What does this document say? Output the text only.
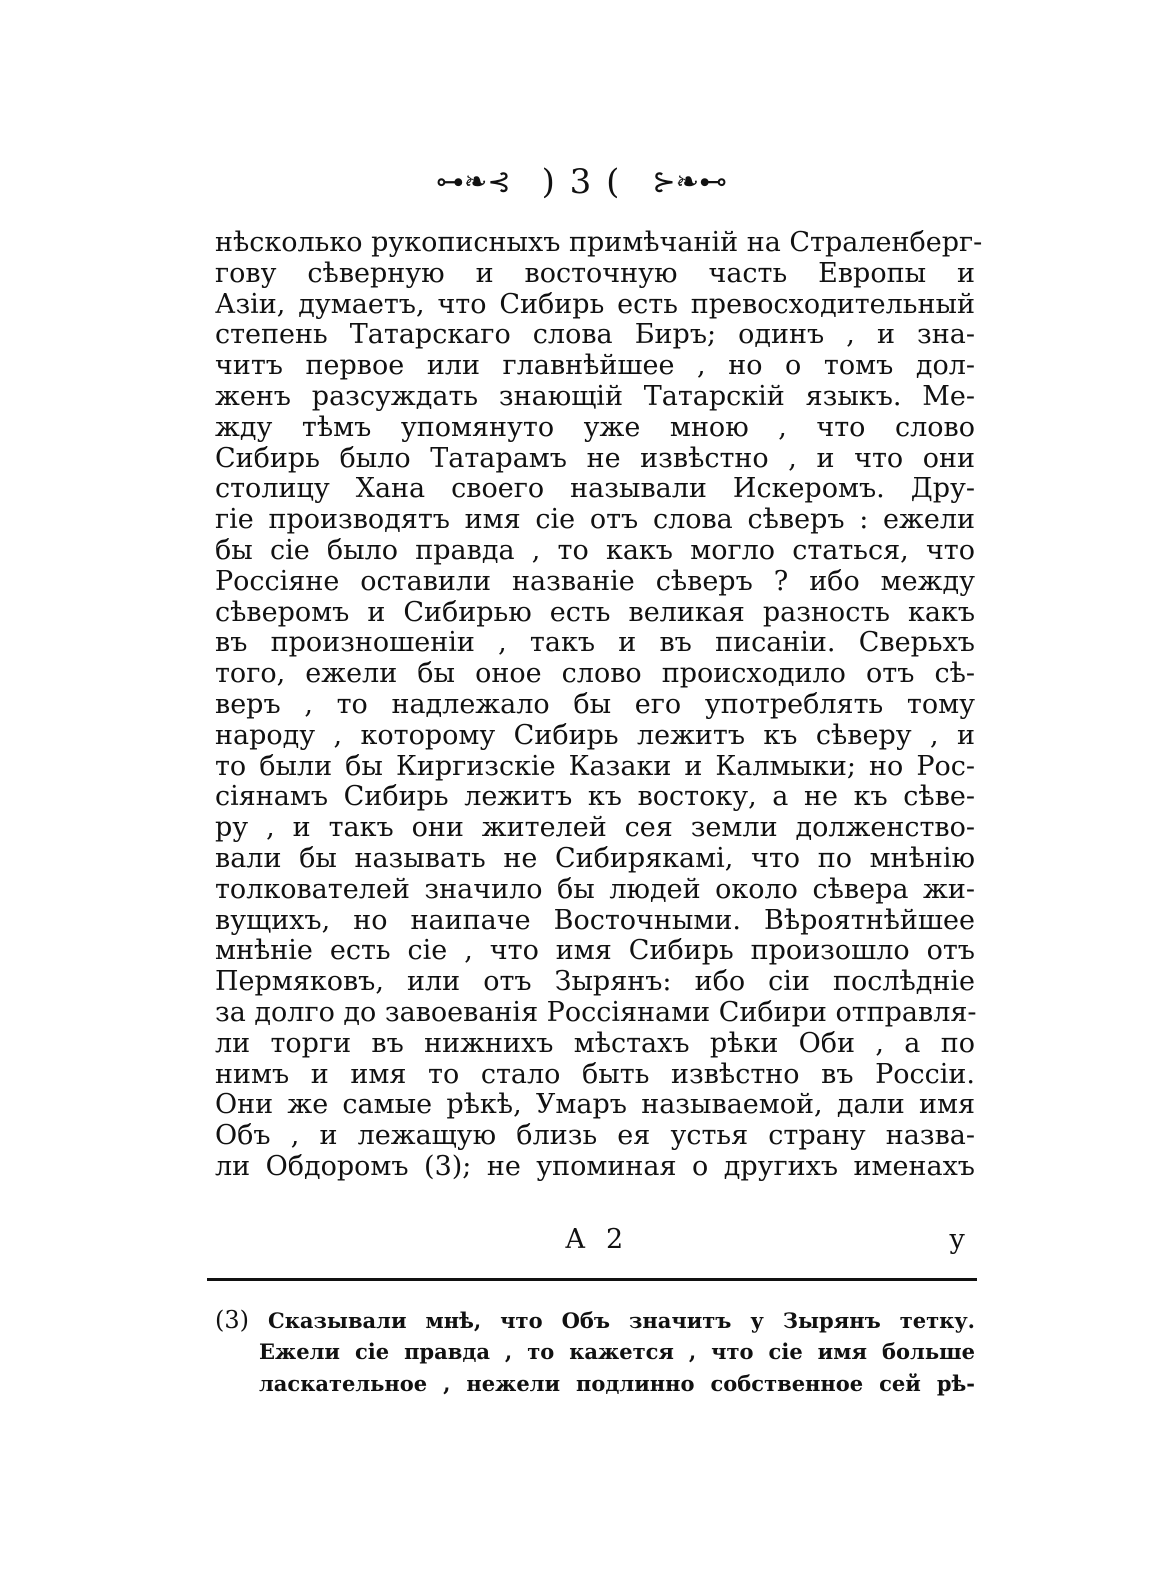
⊶❧⊰ ) 3 ( ⊱❧⊷
нѣсколько рукописныхъ примѣчаній на Страленберг-
гову сѣверную и восточную часть Европы и
Азіи, думаетъ, что Сибирь есть превосходительный
степень Татарскаго слова Биръ; одинъ , и зна-
читъ первое или главнѣйшее , но о томъ дол-
женъ разсуждать знающій Татарскій языкъ. Ме-
жду тѣмъ упомянуто уже мною , что слово
Сибирь было Татарамъ не извѣстно , и что они
столицу Хана своего называли Искеромъ. Дру-
гіе производятъ имя сіе отъ слова сѣверъ : ежели
бы сіе было правда , то какъ могло статься, что
Россіяне оставили названіе сѣверъ ? ибо между
сѣверомъ и Сибирью есть великая разность какъ
въ произношеніи , такъ и въ писаніи. Сверьхъ
того, ежели бы оное слово происходило отъ сѣ-
веръ , то надлежало бы его употреблять тому
народу , которому Сибирь лежитъ къ сѣверу , и
то были бы Киргизскіе Казаки и Калмыки; но Рос-
сіянамъ Сибирь лежитъ къ востоку, а не къ сѣве-
ру , и такъ они жителей сея земли долженство-
вали бы называть не Сибирякамі, что по мнѣнію
толкователей значило бы людей около сѣвера жи-
вущихъ, но наипаче Восточными. Вѣроятнѣйшее
мнѣніе есть сіе , что имя Сибирь произошло отъ
Пермяковъ, или отъ Зырянъ: ибо сіи послѣдніе
за долго до завоеванія Россіянами Сибири отправля-
ли торги въ нижнихъ мѣстахъ рѣки Оби , а по
нимъ и имя то стало быть извѣстно въ Россіи.
Они же самые рѣкѣ, Умаръ называемой, дали имя
Объ , и лежащую близь ея устья страну назва-
ли Обдоромъ (3); не упоминая о другихъ именахъ
А 2	у
(3) Сказывали мнѣ, что Объ значитъ у Зырянъ тетку.
Ежели сіе правда , то кажется , что сіе имя больше
ласкательное , нежели подлинно собственное сей рѣ-
